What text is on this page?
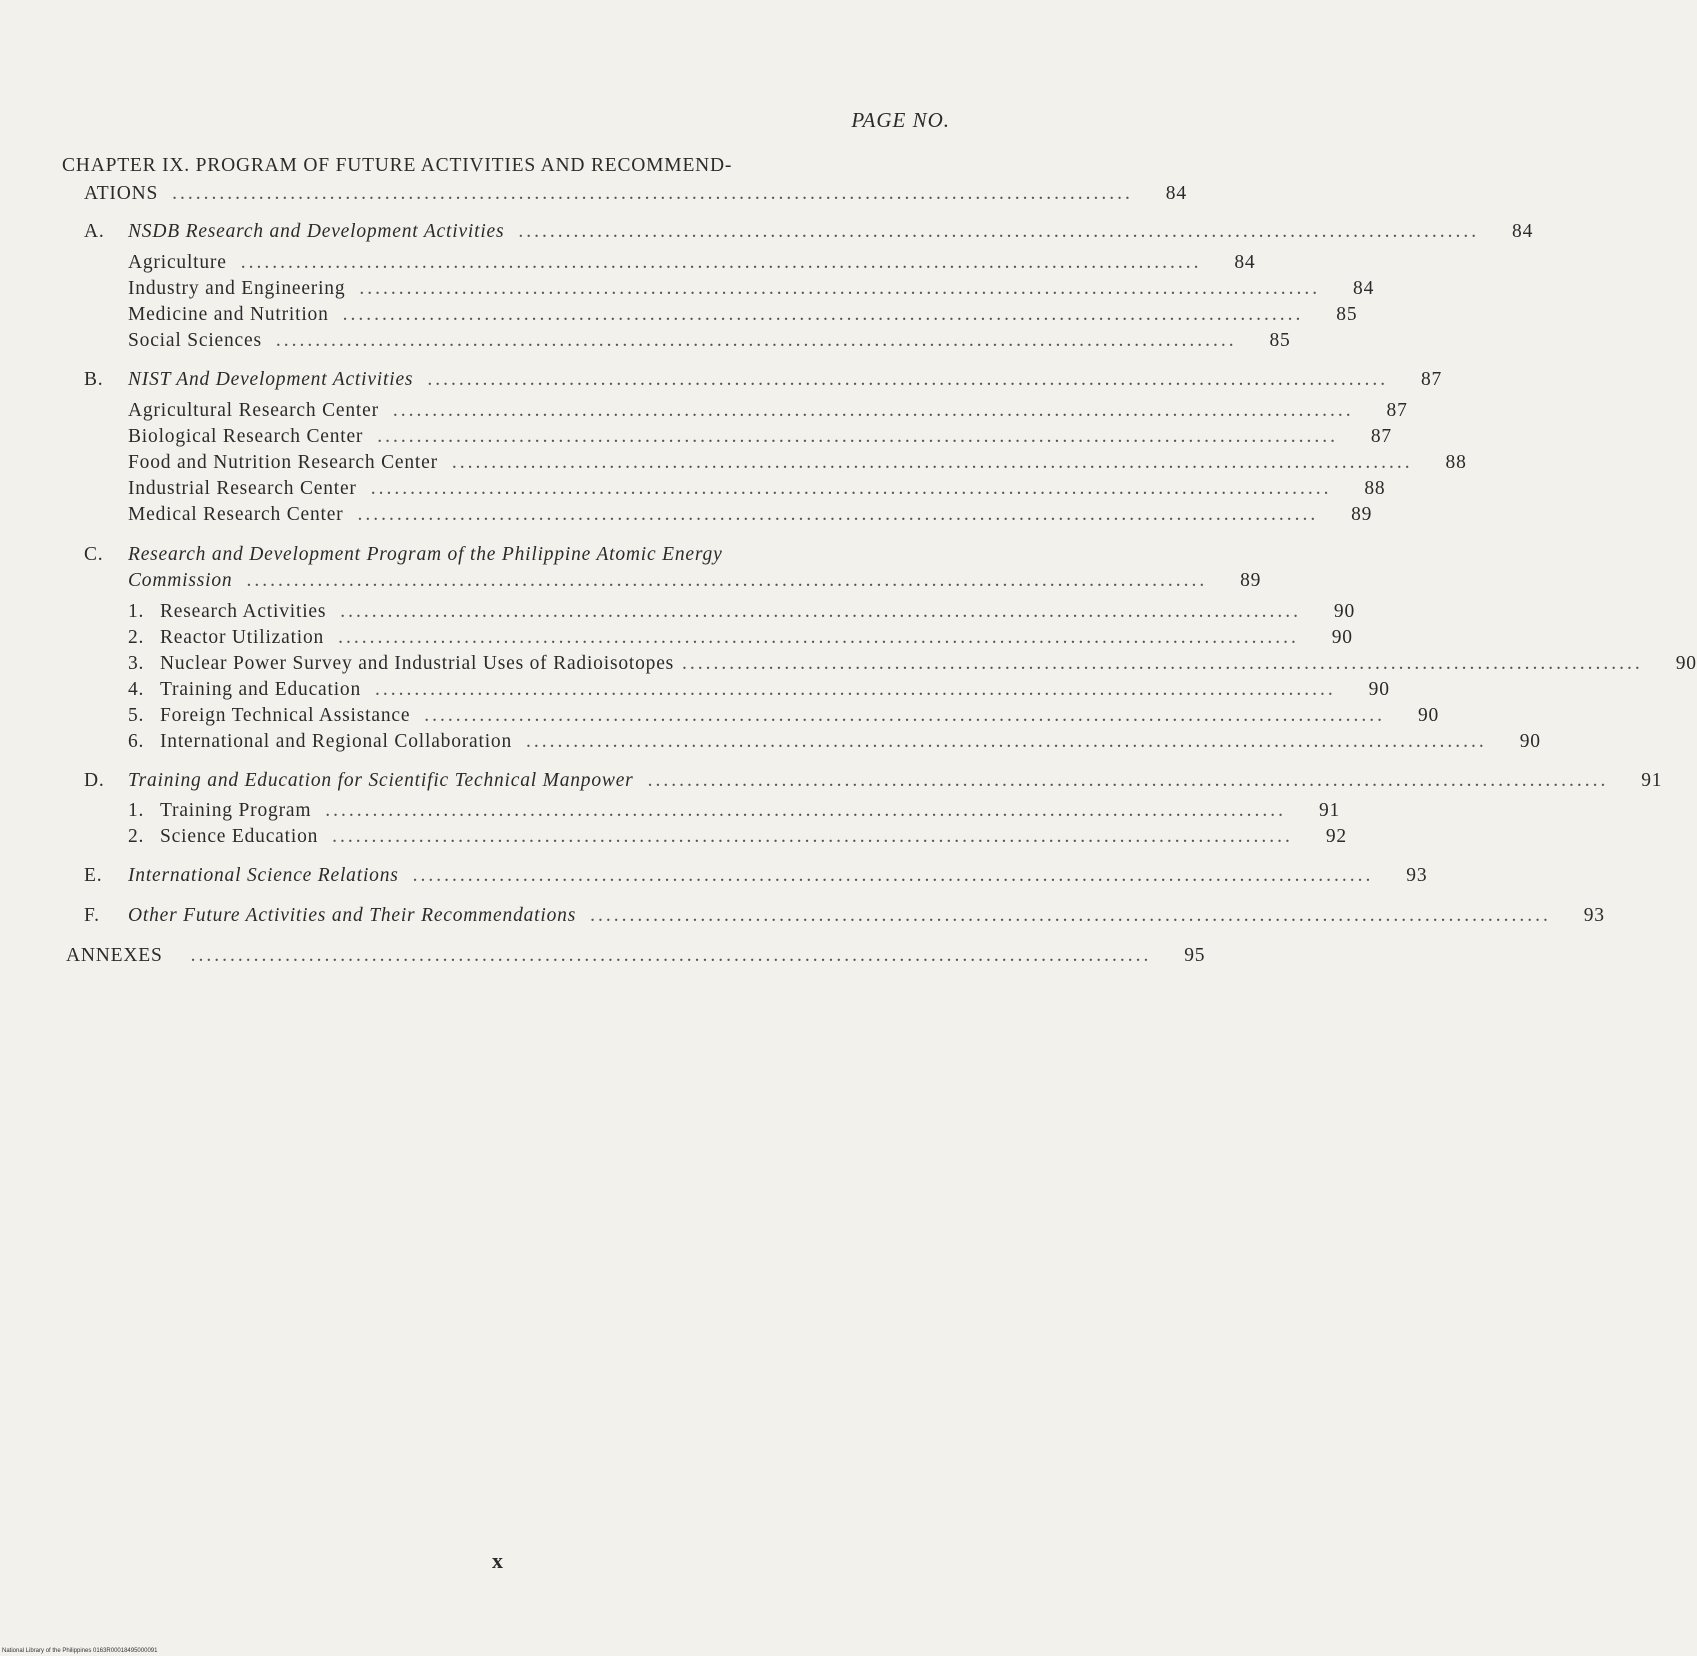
PAGE NO.
CHAPTER IX. PROGRAM OF FUTURE ACTIVITIES AND RECOMMEND-
ATIONS ..........................................................................................................................	84
A.	NSDB Research and Development Activities ..........................................................................................................................	84
Agriculture ..........................................................................................................................	84
Industry and Engineering ..........................................................................................................................	84
Medicine and Nutrition ..........................................................................................................................	85
Social Sciences ..........................................................................................................................	85
B.	NIST And Development Activities ..........................................................................................................................	87
Agricultural Research Center ..........................................................................................................................	87
Biological Research Center ..........................................................................................................................	87
Food and Nutrition Research Center ..........................................................................................................................	88
Industrial Research Center ..........................................................................................................................	88
Medical Research Center ..........................................................................................................................	89
C.	Research and Development Program of the Philippine Atomic Energy
Commission ..........................................................................................................................	89
1. Research Activities ..........................................................................................................................	90
2. Reactor Utilization ..........................................................................................................................	90
3. Nuclear Power Survey and Industrial Uses of Radioisotopes ..........................................................................................................................	90
4. Training and Education ..........................................................................................................................	90
5. Foreign Technical Assistance ..........................................................................................................................	90
6. International and Regional Collaboration ..........................................................................................................................	90
D.	Training and Education for Scientific Technical Manpower ..........................................................................................................................	91
1. Training Program ..........................................................................................................................	91
2. Science Education ..........................................................................................................................	92
E.	International Science Relations ..........................................................................................................................	93
F.	Other Future Activities and Their Recommendations ..........................................................................................................................	93
ANNEXES	..........................................................................................................................	95
x
National Library of the Philippines 0163R00018495000091
